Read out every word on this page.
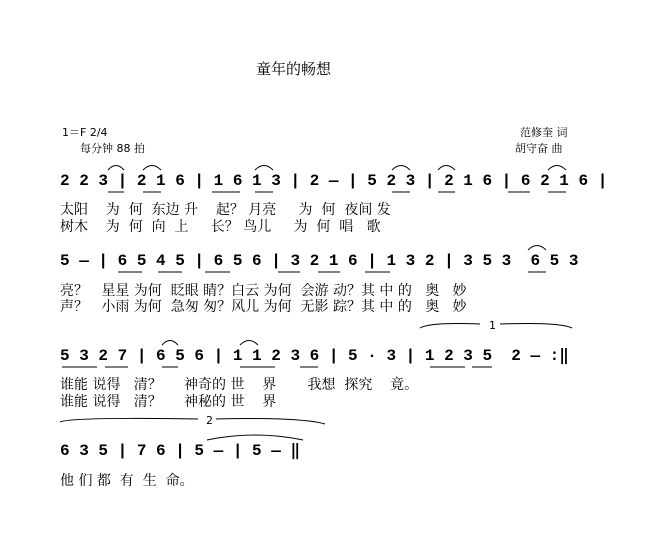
童年的畅想
1＝F 2/4
每分钟 88 拍
范修奎 词
胡守奋 曲
2 2 3 | 2 1 6 | 1 6 1 3 | 2 — | 5 2 3 | 2 1 6 | 6 2 1 6 |
太阳    为  何  东边 升    起？ 月亮     为  何  夜间 发
树木    为  何  向  上     长？ 鸟儿     为  何  唱   歌
5 — | 6 5 4 5 | 6 5 6 | 3 2 1 6 | 1 3 2 | 3 5 3  6 5 3
亮？   星星 为何  眨眼 睛？白云 为何  会游 动？其 中 的   奥   妙
声？   小雨 为何  急匆 匆？风儿 为何  无影 踪？其 中 的   奥   妙
5 3 2 7 | 6 5 6 | 1 1 2 3 6 | 5 · 3 | 1 2 3 5  2 — :‖
谁能 说得   清？     神奇的 世    界       我想  探究    竟。
谁能 说得   清？     神秘的 世    界
6 3 5 | 7 6 | 5 — | 5 — ‖
他 们 都  有  生  命。
1
2
